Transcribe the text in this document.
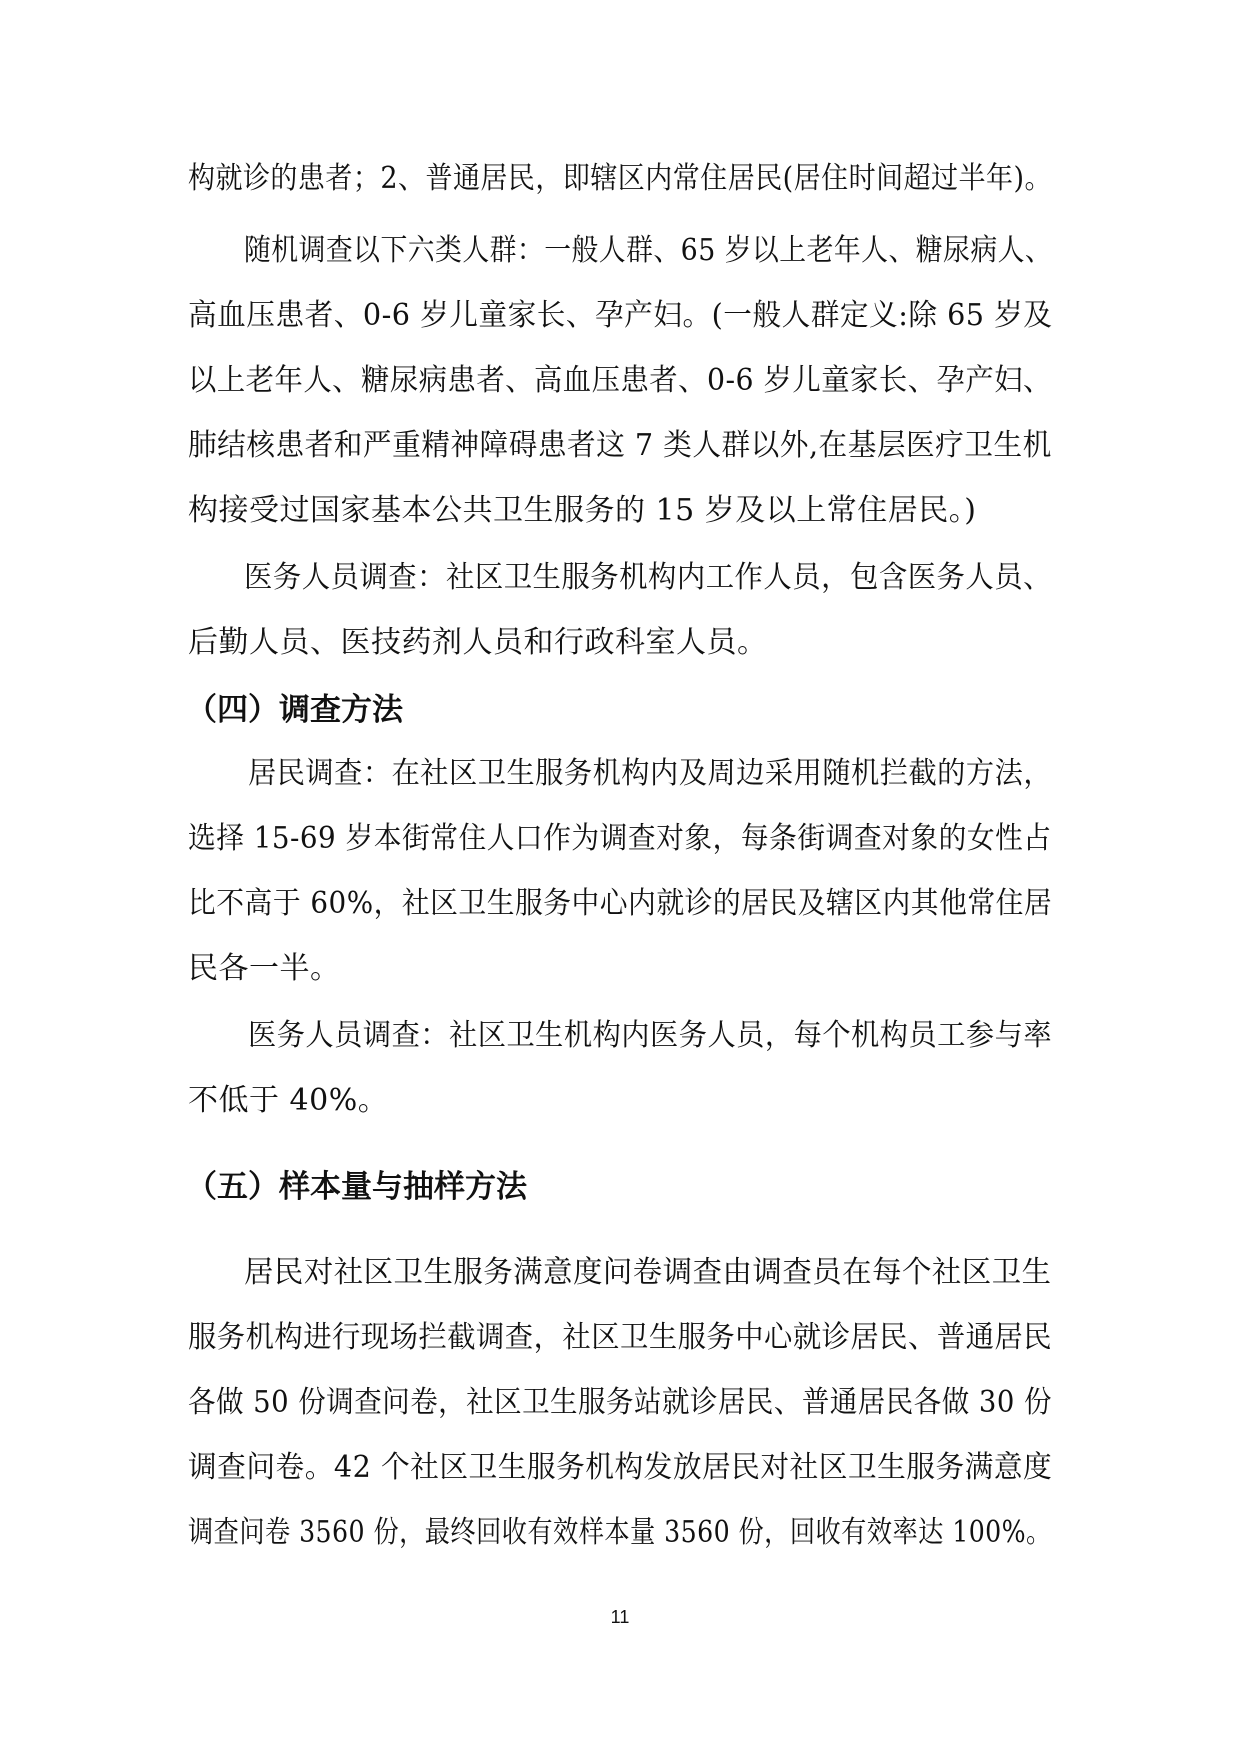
构就诊的患者；2、普通居民，即辖区内常住居民(居住时间超过半年)。
随机调查以下六类人群：一般人群、65 岁以上老年人、糖尿病人、
高血压患者、0-6 岁儿童家长、孕产妇。(一般人群定义:除 65 岁及
以上老年人、糖尿病患者、高血压患者、0-6 岁儿童家长、孕产妇、
肺结核患者和严重精神障碍患者这 7 类人群以外,在基层医疗卫生机
构接受过国家基本公共卫生服务的 15 岁及以上常住居民。)
医务人员调查：社区卫生服务机构内工作人员，包含医务人员、
后勤人员、医技药剂人员和行政科室人员。
（四）调查方法
居民调查：在社区卫生服务机构内及周边采用随机拦截的方法，
选择 15-69 岁本街常住人口作为调查对象，每条街调查对象的女性占
比不高于 60%，社区卫生服务中心内就诊的居民及辖区内其他常住居
民各一半。
医务人员调查：社区卫生机构内医务人员，每个机构员工参与率
不低于 40%。
（五）样本量与抽样方法
居民对社区卫生服务满意度问卷调查由调查员在每个社区卫生
服务机构进行现场拦截调查，社区卫生服务中心就诊居民、普通居民
各做 50 份调查问卷，社区卫生服务站就诊居民、普通居民各做 30 份
调查问卷。42 个社区卫生服务机构发放居民对社区卫生服务满意度
调查问卷 3560 份，最终回收有效样本量 3560 份，回收有效率达 100%。
11
